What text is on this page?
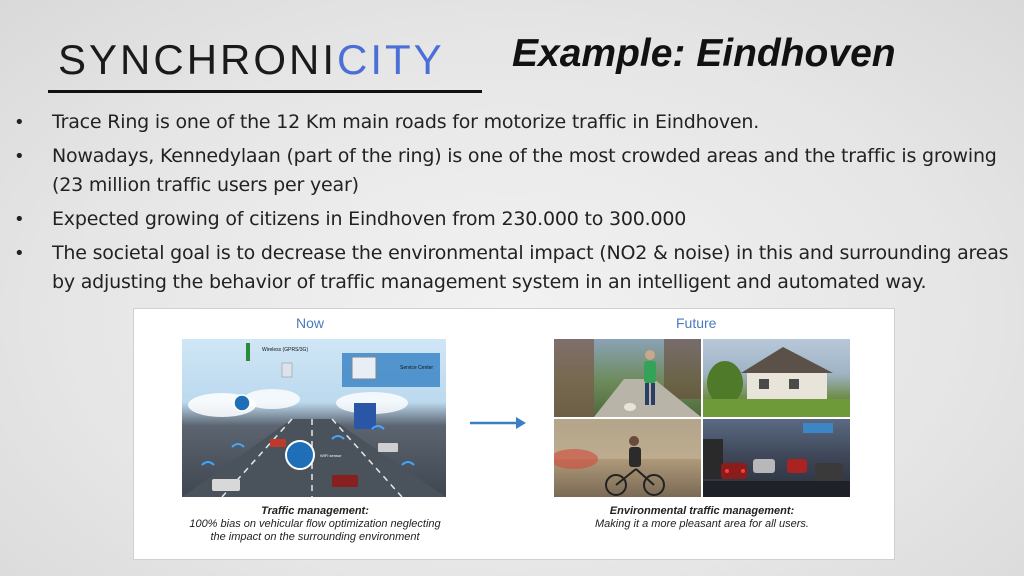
SYNCHRONI CITY Example: Eindhoven
• Trace Ring is one of the 12 Km main roads for motorize traffic in Eindhoven.
• Nowadays, Kennedylaan (part of the ring) is one of the most crowded areas and the traffic is growing (23 million traffic users per year)
• Expected growing of citizens in Eindhoven from 230.000 to 300.000
• The societal goal is to decrease the environmental impact (NO2 & noise) in this and surrounding areas by adjusting the behavior of traffic management system in an intelligent and automated way.
Now	Future
Service Center
Wireless (GPRS/3G)
WIFI sensor
Traffic management:
100% bias on vehicular flow optimization neglecting the impact on the surrounding environment
Environmental traffic management:
Making it a more pleasant area for all users.
